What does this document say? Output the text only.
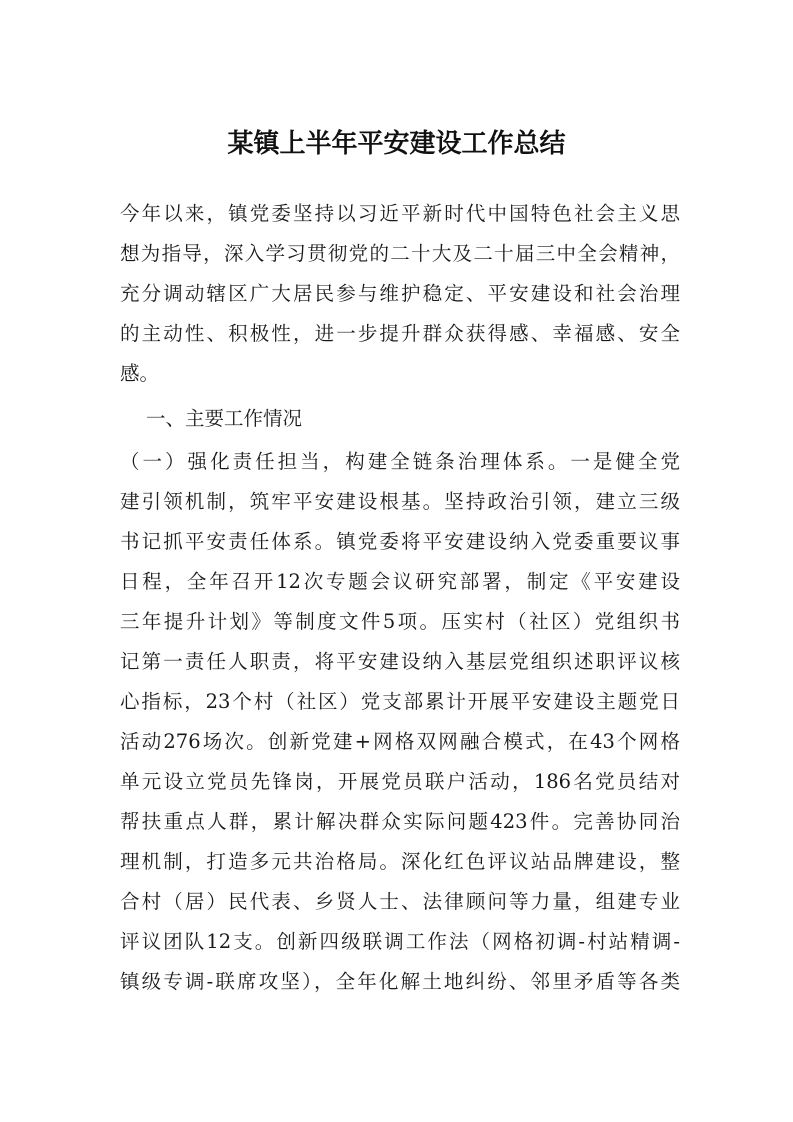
某镇上半年平安建设工作总结
今年以来，镇党委坚持以习近平新时代中国特色社会主义思
想为指导，深入学习贯彻党的二十大及二十届三中全会精神，
充分调动辖区广大居民参与维护稳定、平安建设和社会治理
的主动性、积极性，进一步提升群众获得感、幸福感、安全
感。
一、主要工作情况
（一）强化责任担当，构建全链条治理体系。一是健全党
建引领机制，筑牢平安建设根基。坚持政治引领，建立三级
书记抓平安责任体系。镇党委将平安建设纳入党委重要议事
日程，全年召开12次专题会议研究部署，制定《平安建设
三年提升计划》等制度文件5项。压实村（社区）党组织书
记第一责任人职责，将平安建设纳入基层党组织述职评议核
心指标，23个村（社区）党支部累计开展平安建设主题党日
活动276场次。创新党建+网格双网融合模式，在43个网格
单元设立党员先锋岗，开展党员联户活动，186名党员结对
帮扶重点人群，累计解决群众实际问题423件。完善协同治
理机制，打造多元共治格局。深化红色评议站品牌建设，整
合村（居）民代表、乡贤人士、法律顾问等力量，组建专业
评议团队12支。创新四级联调工作法（网格初调-村站精调-
镇级专调-联席攻坚），全年化解土地纠纷、邻里矛盾等各类
